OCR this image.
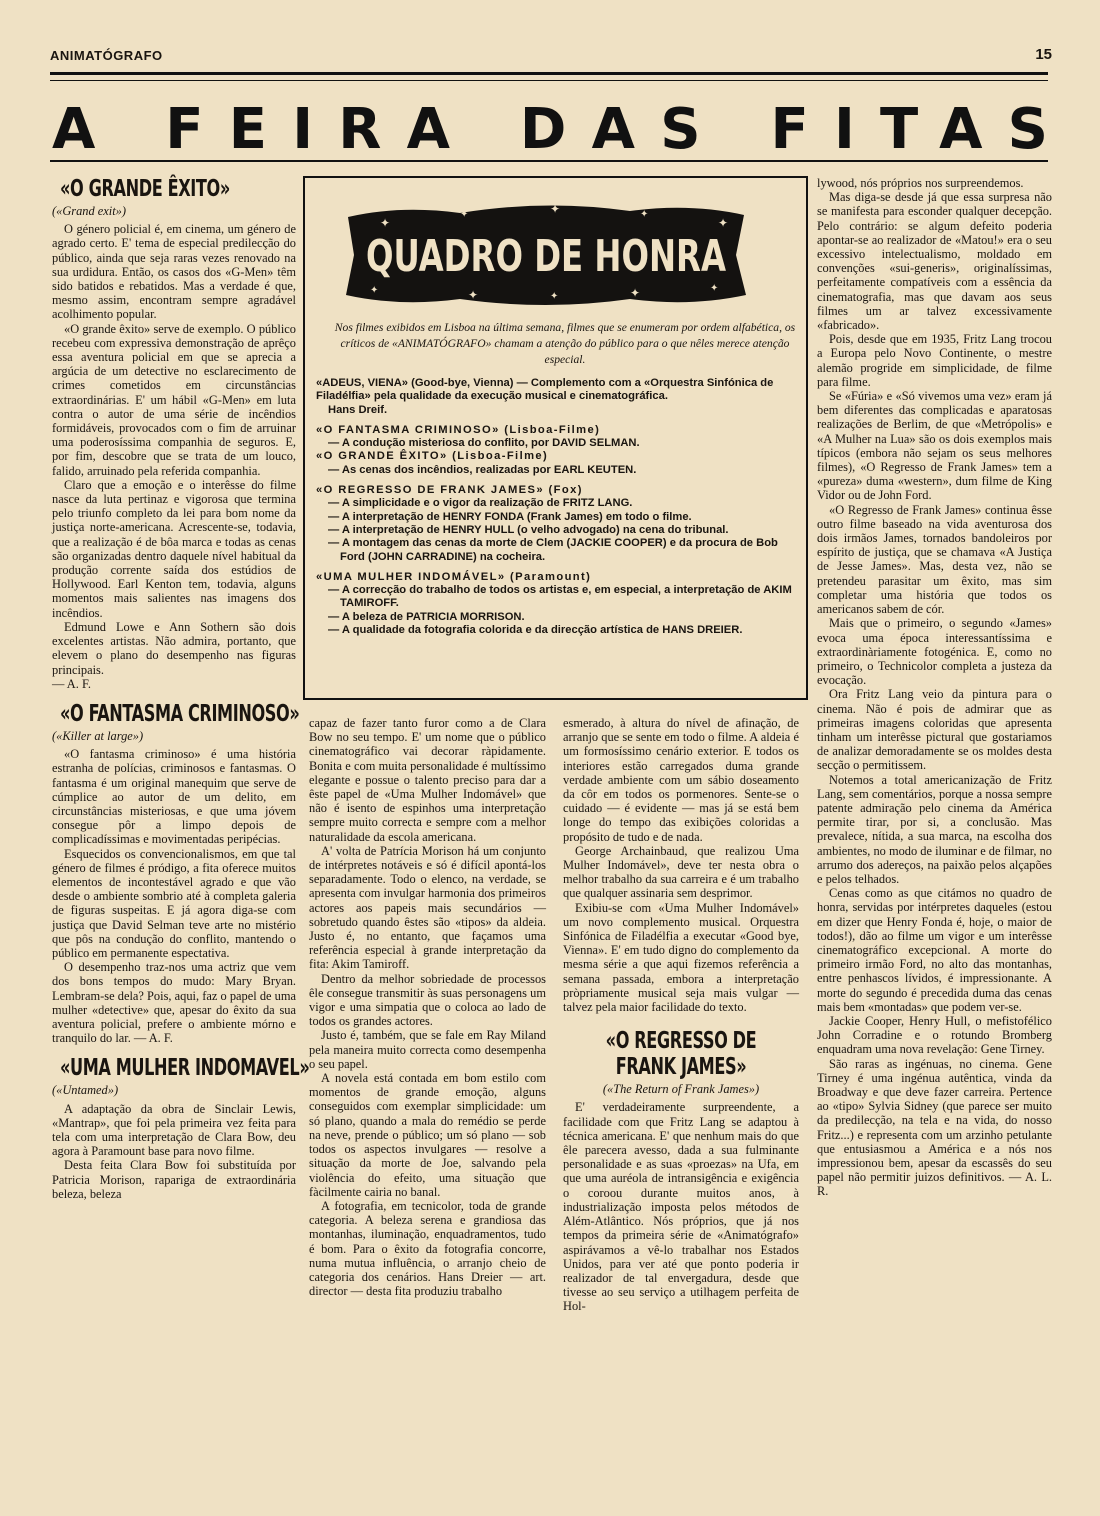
ANIMATÓGRAFO	15
A FEIRA DAS FITAS
«O GRANDE ÊXITO»
(«Grand exit»)

O género policial é, em cinema, um género de agrado certo. E' tema de especial predilecção do público, ainda que seja raras vezes renovado na sua urdidura. Então, os casos dos «G-Men» têm sido batidos e rebatidos. Mas a verdade é que, mesmo assim, encontram sempre agradável acolhimento popular.

«O grande êxito» serve de exemplo. O público recebeu com expressiva demonstração de aprêço essa aventura policial em que se aprecia a argúcia de um detective no esclarecimento de crimes cometidos em circunstâncias extraordinárias. E' um hábil «G-Men» em luta contra o autor de uma série de incêndios formidáveis, provocados com o fim de arruinar uma poderosíssima companhia de seguros. E, por fim, descobre que se trata de um louco, falido, arruinado pela referida companhia.

Claro que a emoção e o interêsse do filme nasce da luta pertinaz e vigorosa que termina pelo triunfo completo da lei para bom nome da justiça norte-americana. Acrescente-se, todavia, que a realização é de bôa marca e todas as cenas são organizadas dentro daquele nível habitual da produção corrente saída dos estúdios de Hollywood. Earl Kenton tem, todavia, alguns momentos mais salientes nas imagens dos incêndios.

Edmund Lowe e Ann Sothern são dois excelentes artistas. Não admira, portanto, que elevem o plano do desempenho nas figuras principais.

— A. F.

«O FANTASMA CRIMINOSO»
(«Killer at large»)

«O fantasma criminoso» é uma história estranha de polícias, criminosos e fantasmas. O fantasma é um original manequim que serve de cúmplice ao autor de um delito, em circunstâncias misteriosas, e que uma jóvem consegue pôr a limpo depois de complicadíssimas e movimentadas peripécias.

Esquecidos os convencionalismos, em que tal género de filmes é pródigo, a fita oferece muitos elementos de incontestável agrado e que vão desde o ambiente sombrio até à completa galeria de figuras suspeitas. E já agora diga-se com justiça que David Selman teve arte no mistério que pôs na condução do conflito, mantendo o público em permanente espectativa.

O desempenho traz-nos uma actriz que vem dos bons tempos do mudo: Mary Bryan. Lembram-se dela? Pois, aqui, faz o papel de uma mulher «detective» que, apesar do êxito da sua aventura policial, prefere o ambiente mórno e tranquilo do lar. — A. F.

«UMA MULHER INDOMAVEL»
(«Untamed»)

A adaptação da obra de Sinclair Lewis, «Mantrap», que foi pela primeira vez feita para tela com uma interpretação de Clara Bow, deu agora à Paramount base para novo filme.

Desta feita Clara Bow foi substituída por Patricia Morison, rapariga de extraordinária beleza, beleza

✦
✦	✦	✦
✦
✦	✦	✦	✦	✦
QUADRO DE HONRA
Nos filmes exibidos em Lisboa na última semana, filmes que se enumeram por ordem alfabética, os críticos de «ANIMATÓGRAFO» chamam a atenção do público para o que nêles merece atenção especial.
«ADEUS, VIENA» (Good-bye, Vienna) — Complemento com a «Orquestra Sinfónica de Filadélfia» pela qualidade da execução musical e cinematográfica.
Hans Dreif.
«O FANTASMA CRIMINOSO» (Lisboa-Filme)
— A condução misteriosa do conflito, por DAVID SELMAN.
«O GRANDE ÊXITO» (Lisboa-Filme)
— As cenas dos incêndios, realizadas por EARL KEUTEN.
«O REGRESSO DE FRANK JAMES» (Fox)
— A simplicidade e o vigor da realização de FRITZ LANG.
— A interpretação de HENRY FONDA (Frank James) em todo o filme.
— A interpretação de HENRY HULL (o velho advogado) na cena do tribunal.
— A montagem das cenas da morte de Clem (JACKIE COOPER) e da procura de Bob Ford (JOHN CARRADINE) na cocheira.
«UMA MULHER INDOMÁVEL» (Paramount)
— A correcção do trabalho de todos os artistas e, em especial, a interpretação de AKIM TAMIROFF.
— A beleza de PATRICIA MORRISON.
— A qualidade da fotografia colorida e da direcção artística de HANS DREIER.

capaz de fazer tanto furor como a de Clara Bow no seu tempo. E' um nome que o público cinematográfico vai decorar ràpidamente. Bonita e com muita personalidade é multíssimo elegante e possue o talento preciso para dar a êste papel de «Uma Mulher Indomável» que não é isento de espinhos uma interpretação sempre muito correcta e sempre com a melhor naturalidade da escola americana.

A' volta de Patrícia Morison há um conjunto de intérpretes notáveis e só é difícil apontá-los separadamente. Todo o elenco, na verdade, se apresenta com invulgar harmonia dos primeiros actores aos papeis mais secundários — sobretudo quando êstes são «tipos» da aldeia. Justo é, no entanto, que façamos uma referência especial à grande interpretação da fita: Akim Tamiroff.

Dentro da melhor sobriedade de processos êle consegue transmitir às suas personagens um vigor e uma simpatia que o coloca ao lado de todos os grandes actores.

Justo é, também, que se fale em Ray Miland pela maneira muito correcta como desempenha o seu papel.

A novela está contada em bom estilo com momentos de grande emoção, alguns conseguidos com exemplar simplicidade: um só plano, quando a mala do remédio se perde na neve, prende o público; um só plano — sob todos os aspectos invulgares — resolve a situação da morte de Joe, salvando pela violência do efeito, uma situação que fàcilmente cairia no banal.

A fotografia, em tecnicolor, toda de grande categoria. A beleza serena e grandiosa das montanhas, iluminação, enquadramentos, tudo é bom. Para o êxito da fotografia concorre, numa mutua influência, o arranjo cheio de categoria dos cenários. Hans Dreier — art. director — desta fita produziu trabalho

esmerado, à altura do nível de afinação, de arranjo que se sente em todo o filme. A aldeia é um formosíssimo cenário exterior. E todos os interiores estão carregados duma grande verdade ambiente com um sábio doseamento da côr em todos os pormenores. Sente-se o cuidado — é evidente — mas já se está bem longe do tempo das exibições coloridas a propósito de tudo e de nada.

George Archainbaud, que realizou Uma Mulher Indomável», deve ter nesta obra o melhor trabalho da sua carreira e é um trabalho que qualquer assinaria sem desprimor.

Exibiu-se com «Uma Mulher Indomável» um novo complemento musical. Orquestra Sinfónica de Filadélfia a executar «Good bye, Vienna». E' em tudo digno do complemento da mesma série a que aqui fizemos referência a semana passada, embora a interpretação pròpriamente musical seja mais vulgar — talvez pela maior facilidade do texto.

«O REGRESSO DE FRANK JAMES»
(«The Return of Frank James»)

E' verdadeiramente surpreendente, a facilidade com que Fritz Lang se adaptou à técnica americana. E' que nenhum mais do que êle parecera avesso, dada a sua fulminante personalidade e as suas «proezas» na Ufa, em que uma auréola de intransigência e exigência o coroou durante muitos anos, à industrialização imposta pelos métodos de Além-Atlântico. Nós próprios, que já nos tempos da primeira série de «Animatógrafo» aspirávamos a vê-lo trabalhar nos Estados Unidos, para ver até que ponto poderia ir realizador de tal envergadura, desde que tivesse ao seu serviço a utilhagem perfeita de Hol-

lywood, nós próprios nos surpreendemos.

Mas diga-se desde já que essa surpresa não se manifesta para esconder qualquer decepção. Pelo contrário: se algum defeito poderia apontar-se ao realizador de «Matou!» era o seu excessivo intelectualismo, moldado em convenções «sui-generis», originalíssimas, perfeitamente compatíveis com a essência da cinematografia, mas que davam aos seus filmes um ar talvez excessivamente «fabricado».

Pois, desde que em 1935, Fritz Lang trocou a Europa pelo Novo Continente, o mestre alemão progride em simplicidade, de filme para filme.

Se «Fúria» e «Só vivemos uma vez» eram já bem diferentes das complicadas e aparatosas realizações de Berlim, de que «Metrópolis» e «A Mulher na Lua» são os dois exemplos mais típicos (embora não sejam os seus melhores filmes), «O Regresso de Frank James» tem a «pureza» duma «western», dum filme de King Vidor ou de John Ford.

«O Regresso de Frank James» continua êsse outro filme baseado na vida aventurosa dos dois irmãos James, tornados bandoleiros por espírito de justiça, que se chamava «A Justiça de Jesse James». Mas, desta vez, não se pretendeu parasitar um êxito, mas sim completar uma história que todos os americanos sabem de cór.

Mais que o primeiro, o segundo «James» evoca uma época interessantíssima e extraordinàriamente fotogénica. E, como no primeiro, o Technicolor completa a justeza da evocação.

Ora Fritz Lang veio da pintura para o cinema. Não é pois de admirar que as primeiras imagens coloridas que apresenta tinham um interêsse pictural que gostariamos de analizar demoradamente se os moldes desta secção o permitissem.

Notemos a total americanização de Fritz Lang, sem comentários, porque a nossa sempre patente admiração pelo cinema da América permite tirar, por si, a conclusão. Mas prevalece, nítida, a sua marca, na escolha dos ambientes, no modo de iluminar e de filmar, no arrumo dos adereços, na paixão pelos alçapões e pelos telhados.

Cenas como as que citámos no quadro de honra, servidas por intérpretes daqueles (estou em dizer que Henry Fonda é, hoje, o maior de todos!), dão ao filme um vigor e um interêsse cinematográfico excepcional. A morte do primeiro irmão Ford, no alto das montanhas, entre penhascos lívidos, é impressionante. A morte do segundo é precedida duma das cenas mais bem «montadas» que podem ver-se.

Jackie Cooper, Henry Hull, o mefistofélico John Corradine e o rotundo Bromberg enquadram uma nova revelação: Gene Tirney.

São raras as ingénuas, no cinema. Gene Tirney é uma ingénua autêntica, vinda da Broadway e que deve fazer carreira. Pertence ao «tipo» Sylvia Sidney (que parece ser muito da predilecção, na tela e na vida, do nosso Fritz...) e representa com um arzinho petulante que entusiasmou a América e a nós nos impressionou bem, apesar da escassês do seu papel não permitir juizos definitivos. — A. L. R.
